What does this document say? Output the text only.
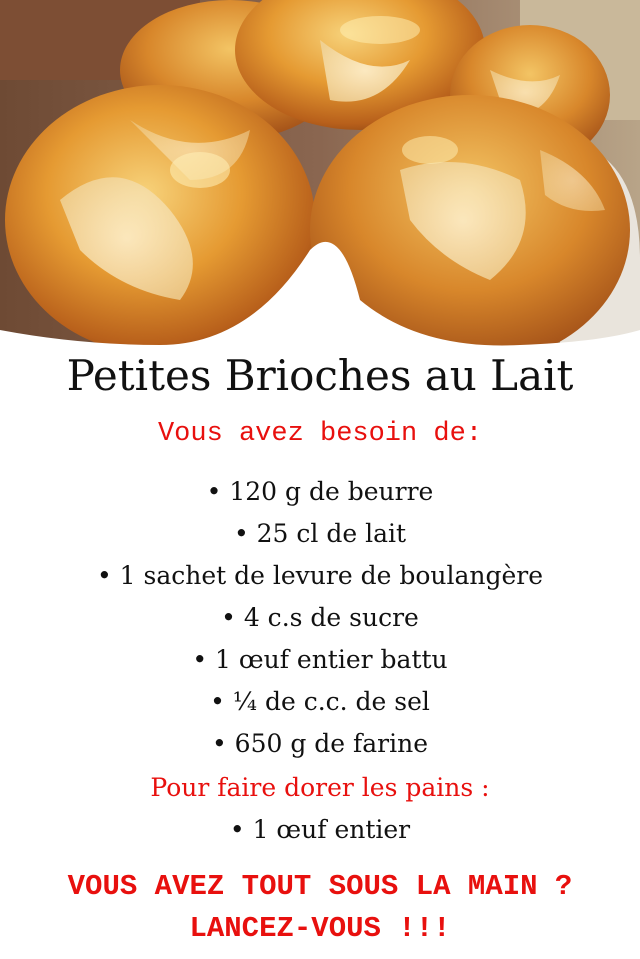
Petites Brioches au Lait
Vous avez besoin de:
• 120 g de beurre
• 25 cl de lait
• 1 sachet de levure de boulangère
• 4 c.s de sucre
• 1 œuf entier battu
• ¼ de c.c. de sel
• 650 g de farine
Pour faire dorer les pains :
• 1 œuf entier
VOUS AVEZ TOUT SOUS LA MAIN ?
LANCEZ-VOUS !!!
